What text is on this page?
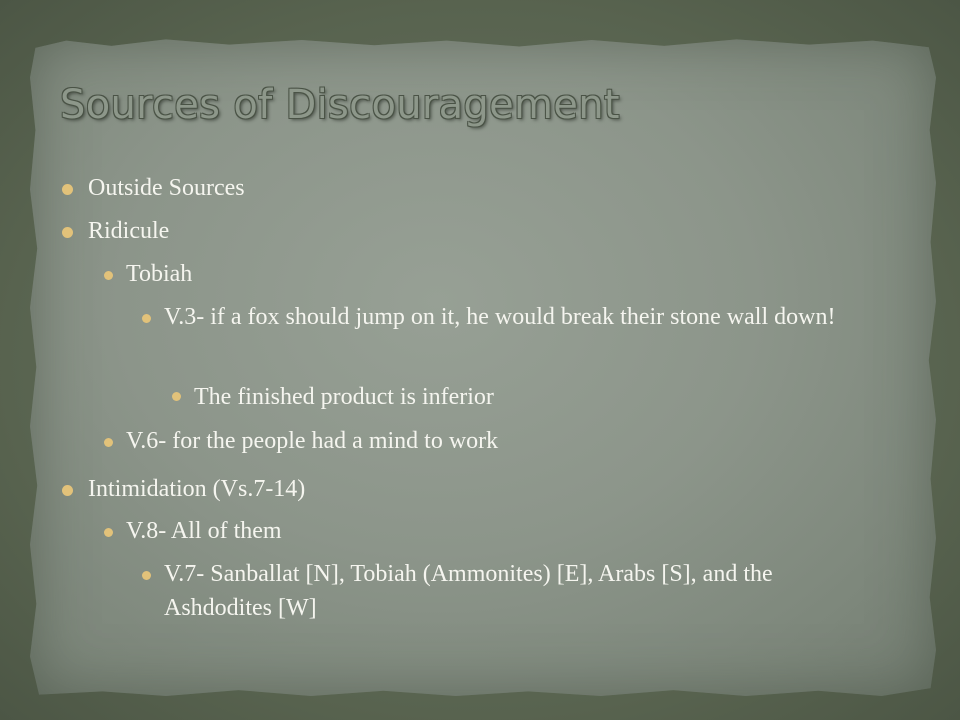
Sources of Discouragement
Outside Sources
Ridicule
Tobiah
V.3- if a fox should jump on it, he would break their stone wall down!
The finished product is inferior
V.6- for the people had a mind to work
Intimidation (Vs.7-14)
V.8- All of them
V.7- Sanballat [N], Tobiah (Ammonites) [E], Arabs [S], and the Ashdodites [W]
